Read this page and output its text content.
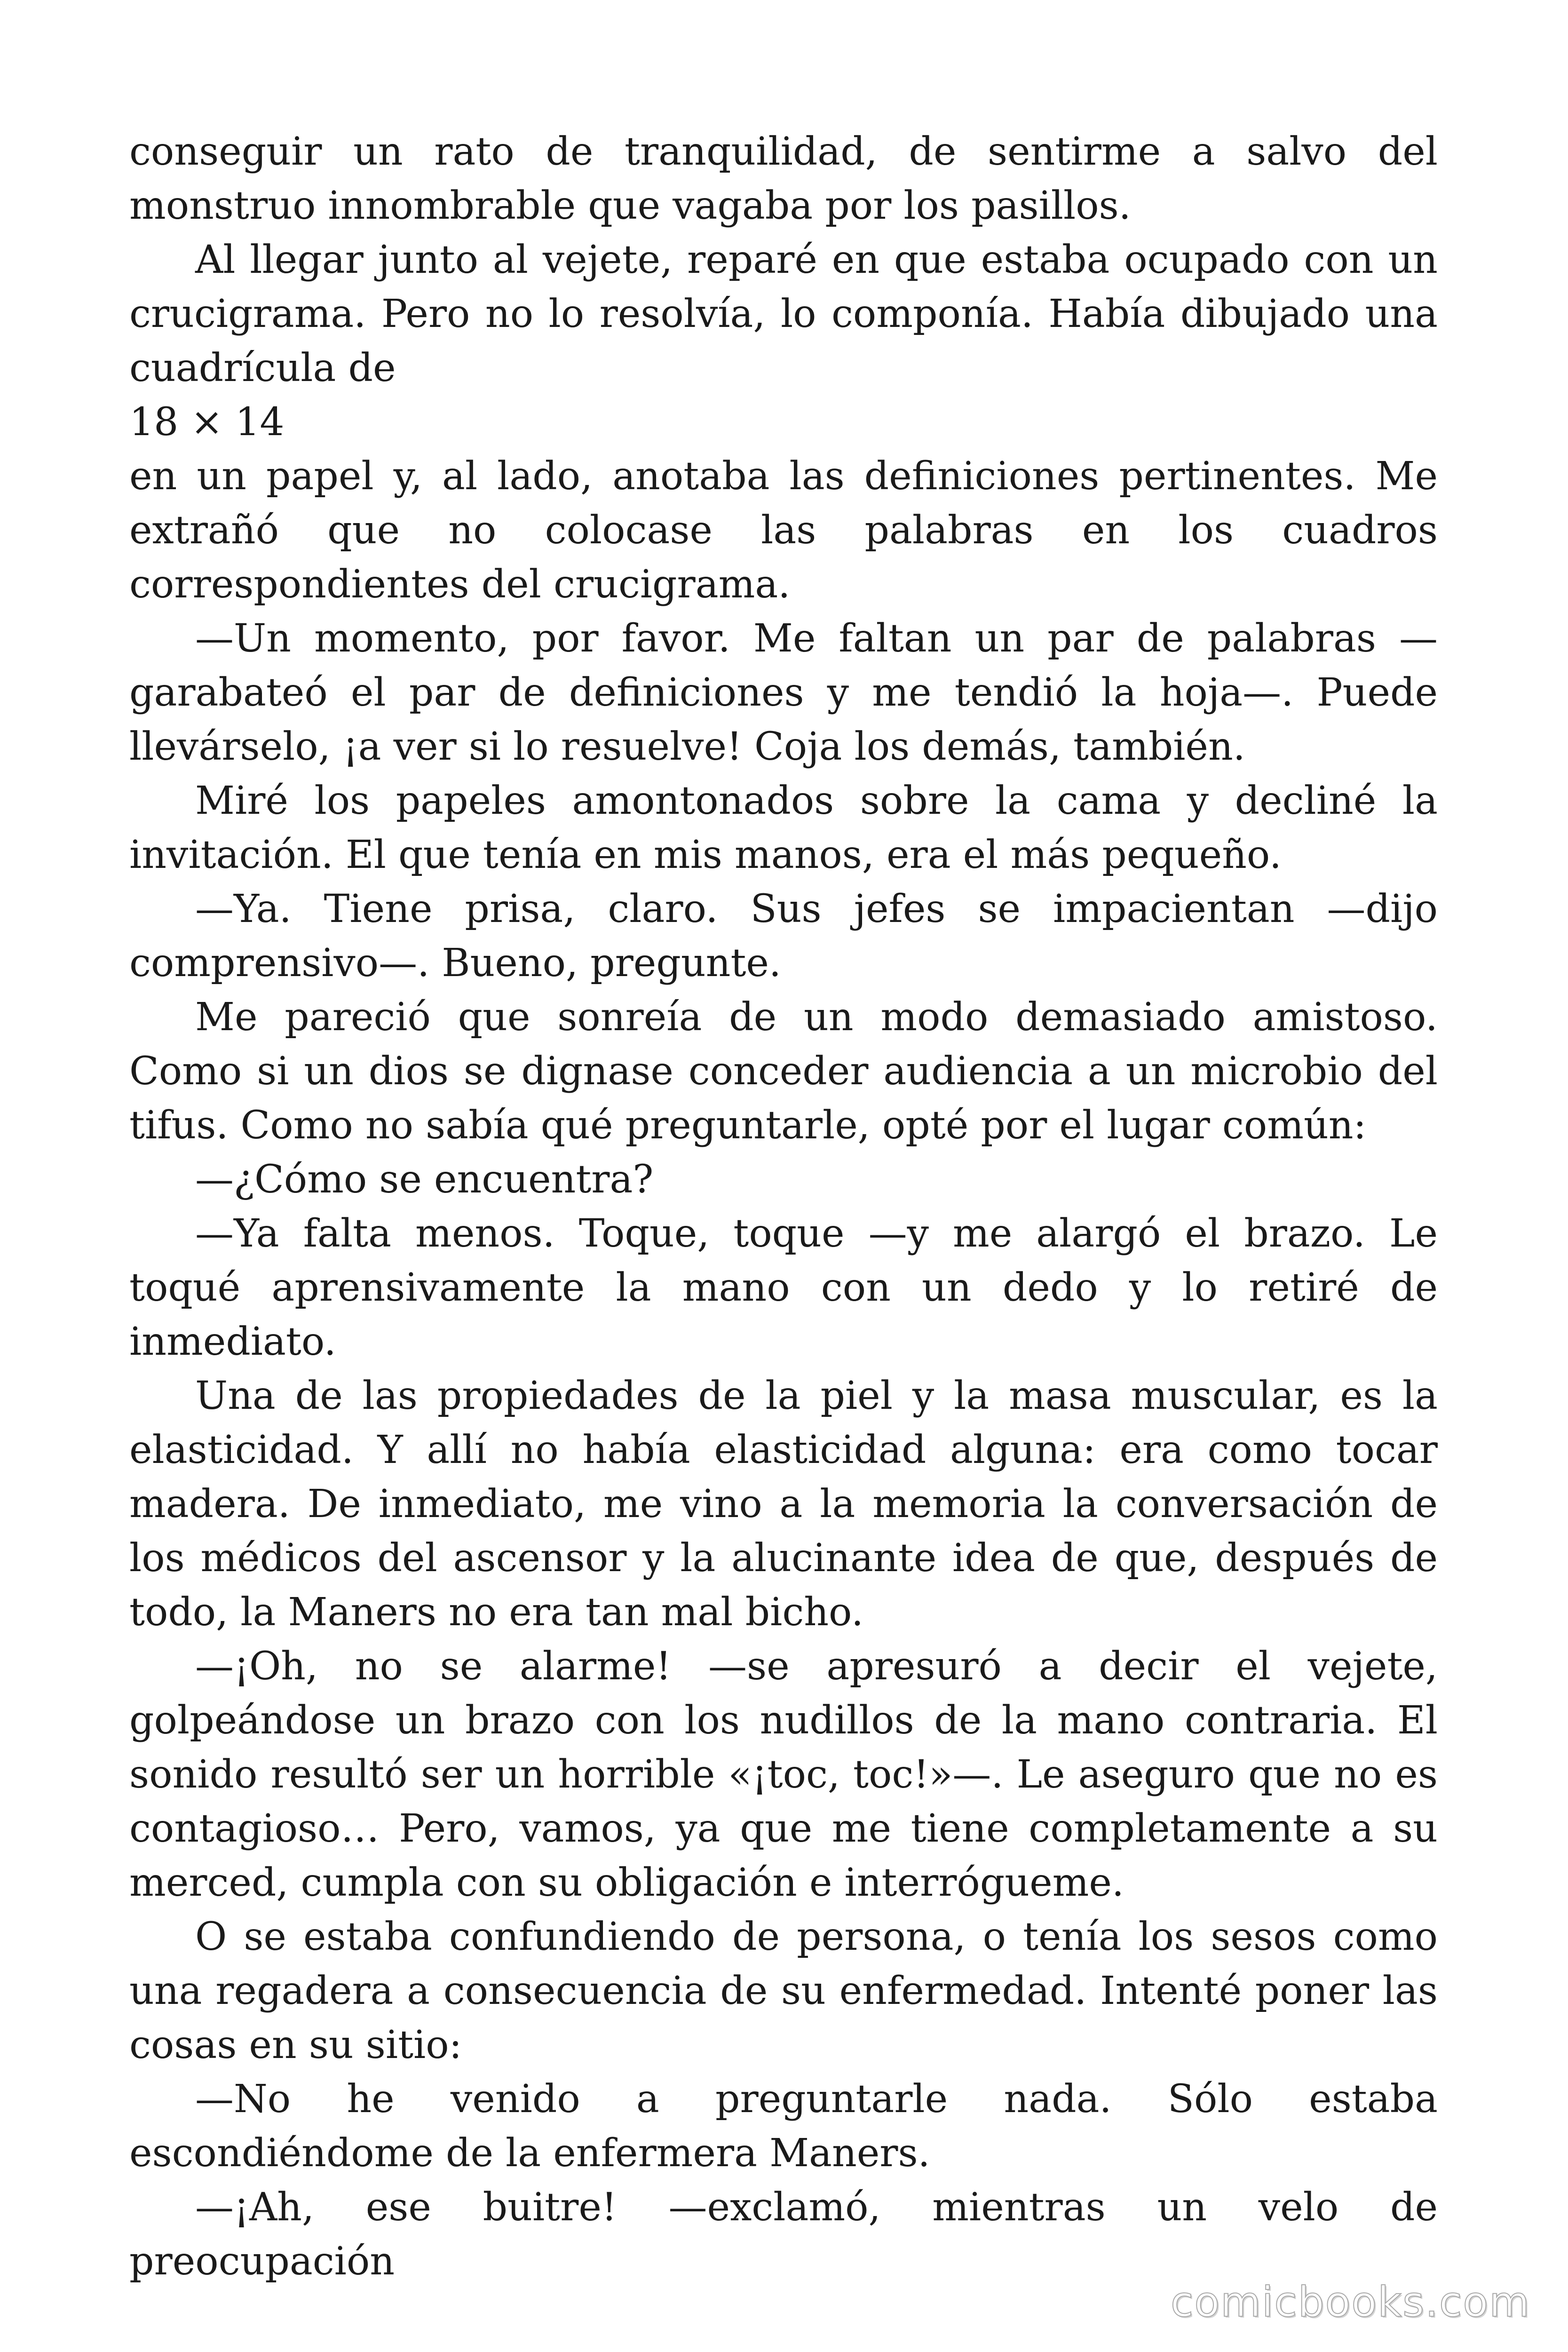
conseguir un rato de tranquilidad, de sentirme a salvo del monstruo innombrable que vagaba por los pasillos.

Al llegar junto al vejete, reparé en que estaba ocupado con un crucigrama. Pero no lo resolvía, lo componía. Había dibujado una cuadrícula de

18 × 14

en un papel y, al lado, anotaba las definiciones pertinentes. Me extrañó que no colocase las palabras en los cuadros correspondientes del crucigrama.

—Un momento, por favor. Me faltan un par de palabras —garabateó el par de definiciones y me tendió la hoja—. Puede llevárselo, ¡a ver si lo resuelve! Coja los demás, también.

Miré los papeles amontonados sobre la cama y decliné la invitación. El que tenía en mis manos, era el más pequeño.

—Ya. Tiene prisa, claro. Sus jefes se impacientan —dijo comprensivo—. Bueno, pregunte.

Me pareció que sonreía de un modo demasiado amistoso. Como si un dios se dignase conceder audiencia a un microbio del tifus. Como no sabía qué preguntarle, opté por el lugar común:

—¿Cómo se encuentra?

—Ya falta menos. Toque, toque —y me alargó el brazo. Le toqué aprensivamente la mano con un dedo y lo retiré de inmediato.

Una de las propiedades de la piel y la masa muscular, es la elasticidad. Y allí no había elasticidad alguna: era como tocar madera. De inmediato, me vino a la memoria la conversación de los médicos del ascensor y la alucinante idea de que, después de todo, la Maners no era tan mal bicho.

—¡Oh, no se alarme! —se apresuró a decir el vejete, golpeándose un brazo con los nudillos de la mano contraria. El sonido resultó ser un horrible «¡toc, toc!»—. Le aseguro que no es contagioso… Pero, vamos, ya que me tiene completamente a su merced, cumpla con su obligación e interrógueme.

O se estaba confundiendo de persona, o tenía los sesos como una regadera a consecuencia de su enfermedad. Intenté poner las cosas en su sitio:

—No he venido a preguntarle nada. Sólo estaba escondiéndome de la enfermera Maners.

—¡Ah, ese buitre! —exclamó, mientras un velo de preocupación

comicbooks.com
